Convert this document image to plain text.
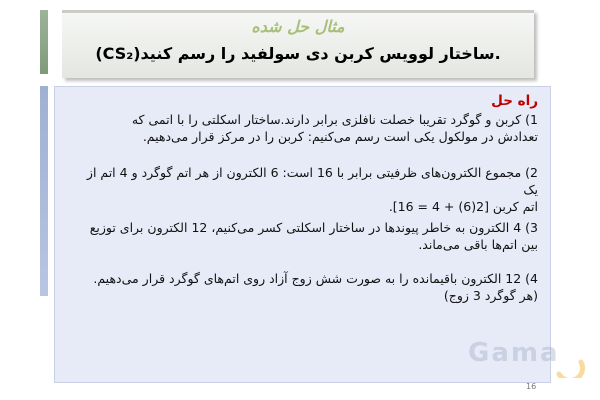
مثال حل شده
.ساختار لوویس کربن دی سولفید را رسم کنید(CS₂)
راه حل
1) کربن و گوگرد تقریبا خصلت نافلزی برابر دارند.ساختار اسکلتی را با اتمی که
تعدادش در مولکول یکی است رسم می‌کنیم: کربن را در مرکز قرار می‌دهیم.
2) مجموع الکترون‌های ظرفیتی برابر با 16 است: 6 الکترون از هر اتم گوگرد و 4 اتم از
یک
اتم کربن [2(6) + 4 = 16].
3) 4 الکترون به خاطر پیوندها در ساختار اسکلتی کسر می‌کنیم، 12 الکترون برای توزیع
بین اتم‌ها باقی می‌ماند.
4) 12 الکترون باقیمانده را به صورت شش زوج آزاد روی اتم‌های گوگرد قرار می‌دهیم.
(هر گوگرد 3 زوج)
Gama
16
